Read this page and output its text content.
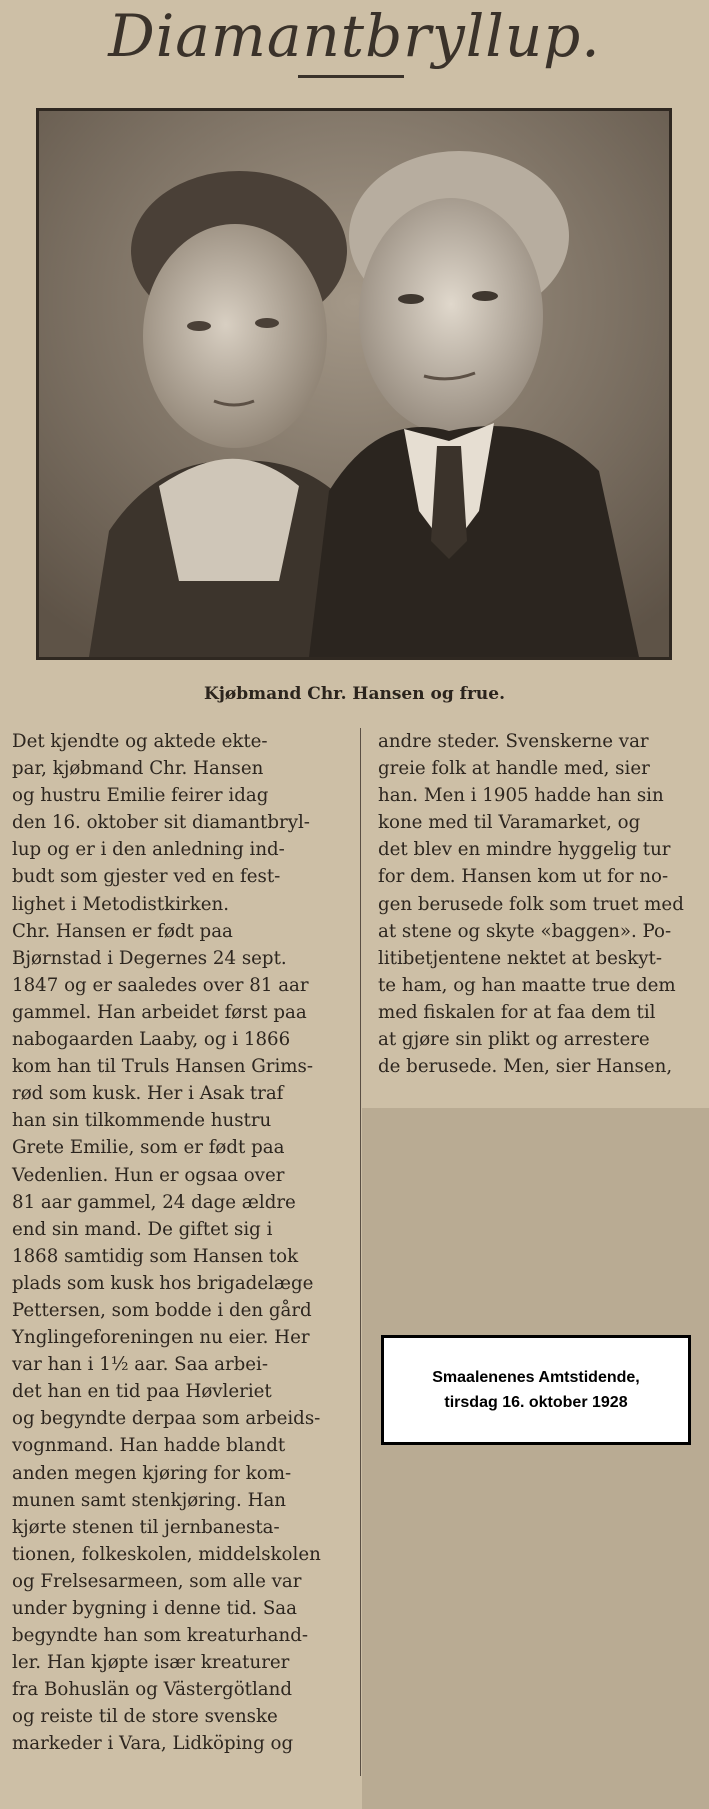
Diamantbryllup.
Kjøbmand Chr. Hansen og frue.
Det kjendte og aktede ekte-
par, kjøbmand Chr. Hansen
og hustru Emilie feirer idag
den 16. oktober sit diamantbryl-
lup og er i den anledning ind-
budt som gjester ved en fest-
lighet i Metodistkirken.
Chr. Hansen er født paa
Bjørnstad i Degernes 24 sept.
1847 og er saaledes over 81 aar
gammel. Han arbeidet først paa
nabogaarden Laaby, og i 1866
kom han til Truls Hansen Grims-
rød som kusk. Her i Asak traf
han sin tilkommende hustru
Grete Emilie, som er født paa
Vedenlien. Hun er ogsaa over
81 aar gammel, 24 dage ældre
end sin mand. De giftet sig i
1868 samtidig som Hansen tok
plads som kusk hos brigadelæge
Pettersen, som bodde i den gård
Ynglingeforeningen nu eier. Her
var han i 1½ aar. Saa arbei-
det han en tid paa Høvleriet
og begyndte derpaa som arbeids-
vognmand. Han hadde blandt
anden megen kjøring for kom-
munen samt stenkjøring. Han
kjørte stenen til jernbanesta-
tionen, folkeskolen, middelskolen
og Frelsesarmeen, som alle var
under bygning i denne tid. Saa
begyndte han som kreaturhand-
ler. Han kjøpte især kreaturer
fra Bohuslän og Västergötland
og reiste til de store svenske
markeder i Vara, Lidköping og
andre steder. Svenskerne var
greie folk at handle med, sier
han. Men i 1905 hadde han sin
kone med til Varamarket, og
det blev en mindre hyggelig tur
for dem. Hansen kom ut for no-
gen berusede folk som truet med
at stene og skyte «baggen». Po-
litibetjentene nektet at beskyt-
te ham, og han maatte true dem
med fiskalen for at faa dem til
at gjøre sin plikt og arrestere
de berusede. Men, sier Hansen,
Smaalenenes Amtstidende,
tirsdag 16. oktober 1928
